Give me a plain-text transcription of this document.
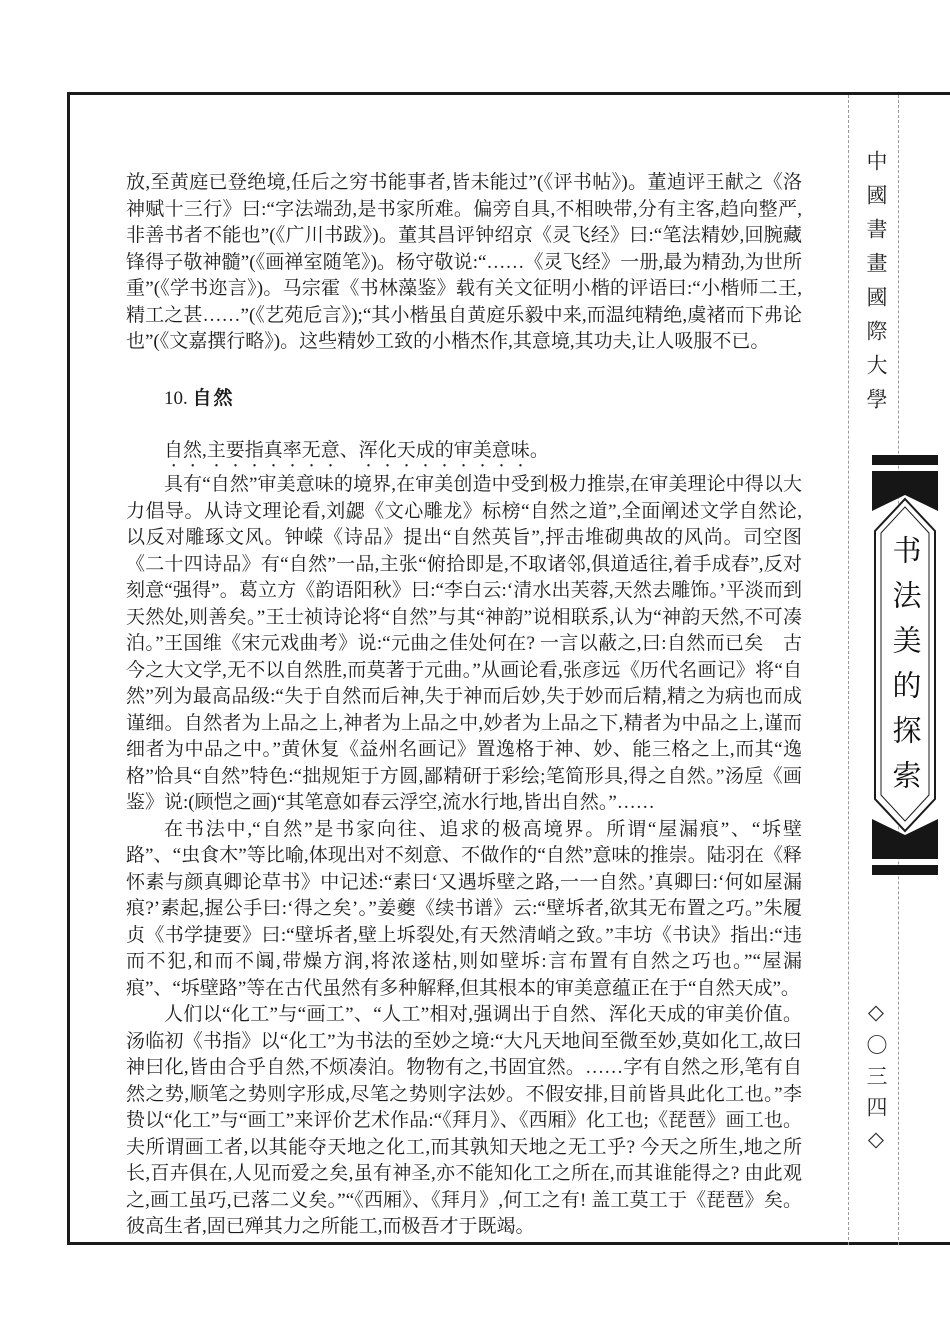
放,至黄庭已登绝境,任后之穷书能事者,皆未能过”(《评书帖》)。董逌评王献之《洛神赋十三行》曰:“字法端劲,是书家所难。偏旁自具,不相映带,分有主客,趋向整严,非善书者不能也”(《广川书跋》)。董其昌评钟绍京《灵飞经》曰:“笔法精妙,回腕藏锋得子敬神髓”(《画禅室随笔》)。杨守敬说:“……《灵飞经》一册,最为精劲,为世所重”(《学书迩言》)。马宗霍《书林藻鉴》载有关文征明小楷的评语曰:“小楷师二王,精工之甚……”(《艺苑卮言》);“其小楷虽自黄庭乐毅中来,而温纯精绝,虞褚而下弗论也”(《文嘉撰行略》)。这些精妙工致的小楷杰作,其意境,其功夫,让人吸服不已。

10. 自然

自然,主要指真率无意、浑化天成的审美意味。

具有“自然”审美意味的境界,在审美创造中受到极力推崇,在审美理论中得以大力倡导。从诗文理论看,刘勰《文心雕龙》标榜“自然之道”,全面阐述文学自然论,以反对雕琢文风。钟嵘《诗品》提出“自然英旨”,抨击堆砌典故的风尚。司空图《二十四诗品》有“自然”一品,主张“俯拾即是,不取诸邻,俱道适往,着手成春”,反对刻意“强得”。葛立方《韵语阳秋》曰:“李白云:‘清水出芙蓉,天然去雕饰。’平淡而到天然处,则善矣。”王士祯诗论将“自然”与其“神韵”说相联系,认为“神韵天然,不可凑泊。”王国维《宋元戏曲考》说:“元曲之佳处何在? 一言以蔽之,曰:自然而已矣　古今之大文学,无不以自然胜,而莫著于元曲。”从画论看,张彦远《历代名画记》将“自然”列为最高品级:“失于自然而后神,失于神而后妙,失于妙而后精,精之为病也而成谨细。自然者为上品之上,神者为上品之中,妙者为上品之下,精者为中品之上,谨而细者为中品之中。”黄休复《益州名画记》置逸格于神、妙、能三格之上,而其“逸格”恰具“自然”特色:“拙规矩于方圆,鄙精研于彩绘;笔简形具,得之自然。”汤垕《画鉴》说:(顾恺之画)“其笔意如春云浮空,流水行地,皆出自然。”……

在书法中,“自然”是书家向往、追求的极高境界。所谓“屋漏痕”、“坼壁路”、“虫食木”等比喻,体现出对不刻意、不做作的“自然”意味的推崇。陆羽在《释怀素与颜真卿论草书》中记述:“素曰‘又遇坼壁之路,一一自然。’真卿曰:‘何如屋漏痕?’素起,握公手曰:‘得之矣’。”姜夔《续书谱》云:“壁坼者,欲其无布置之巧。”朱履贞《书学捷要》曰:“壁坼者,壁上坼裂处,有天然清峭之致。”丰坊《书诀》指出:“违而不犯,和而不阘,带燥方润,将浓遂枯,则如壁坼:言布置有自然之巧也。”“屋漏痕”、“坼壁路”等在古代虽然有多种解释,但其根本的审美意蕴正在于“自然天成”。

人们以“化工”与“画工”、“人工”相对,强调出于自然、浑化天成的审美价值。汤临初《书指》以“化工”为书法的至妙之境:“大凡天地间至微至妙,莫如化工,故曰神曰化,皆由合乎自然,不烦凑泊。物物有之,书固宜然。……字有自然之形,笔有自然之势,顺笔之势则字形成,尽笔之势则字法妙。不假安排,目前皆具此化工也。”李贽以“化工”与“画工”来评价艺术作品:“《拜月》、《西厢》化工也;《琵琶》画工也。夫所谓画工者,以其能夺天地之化工,而其孰知天地之无工乎? 今天之所生,地之所长,百卉俱在,人见而爱之矣,虽有神圣,亦不能知化工之所在,而其谁能得之? 由此观之,画工虽巧,已落二义矣。”“《西厢》、《拜月》,何工之有! 盖工莫工于《琵琶》矣。彼高生者,固已殚其力之所能工,而极吾才于既竭。

中國書畫國際大學
书法美的探索
◇〇三四◇
